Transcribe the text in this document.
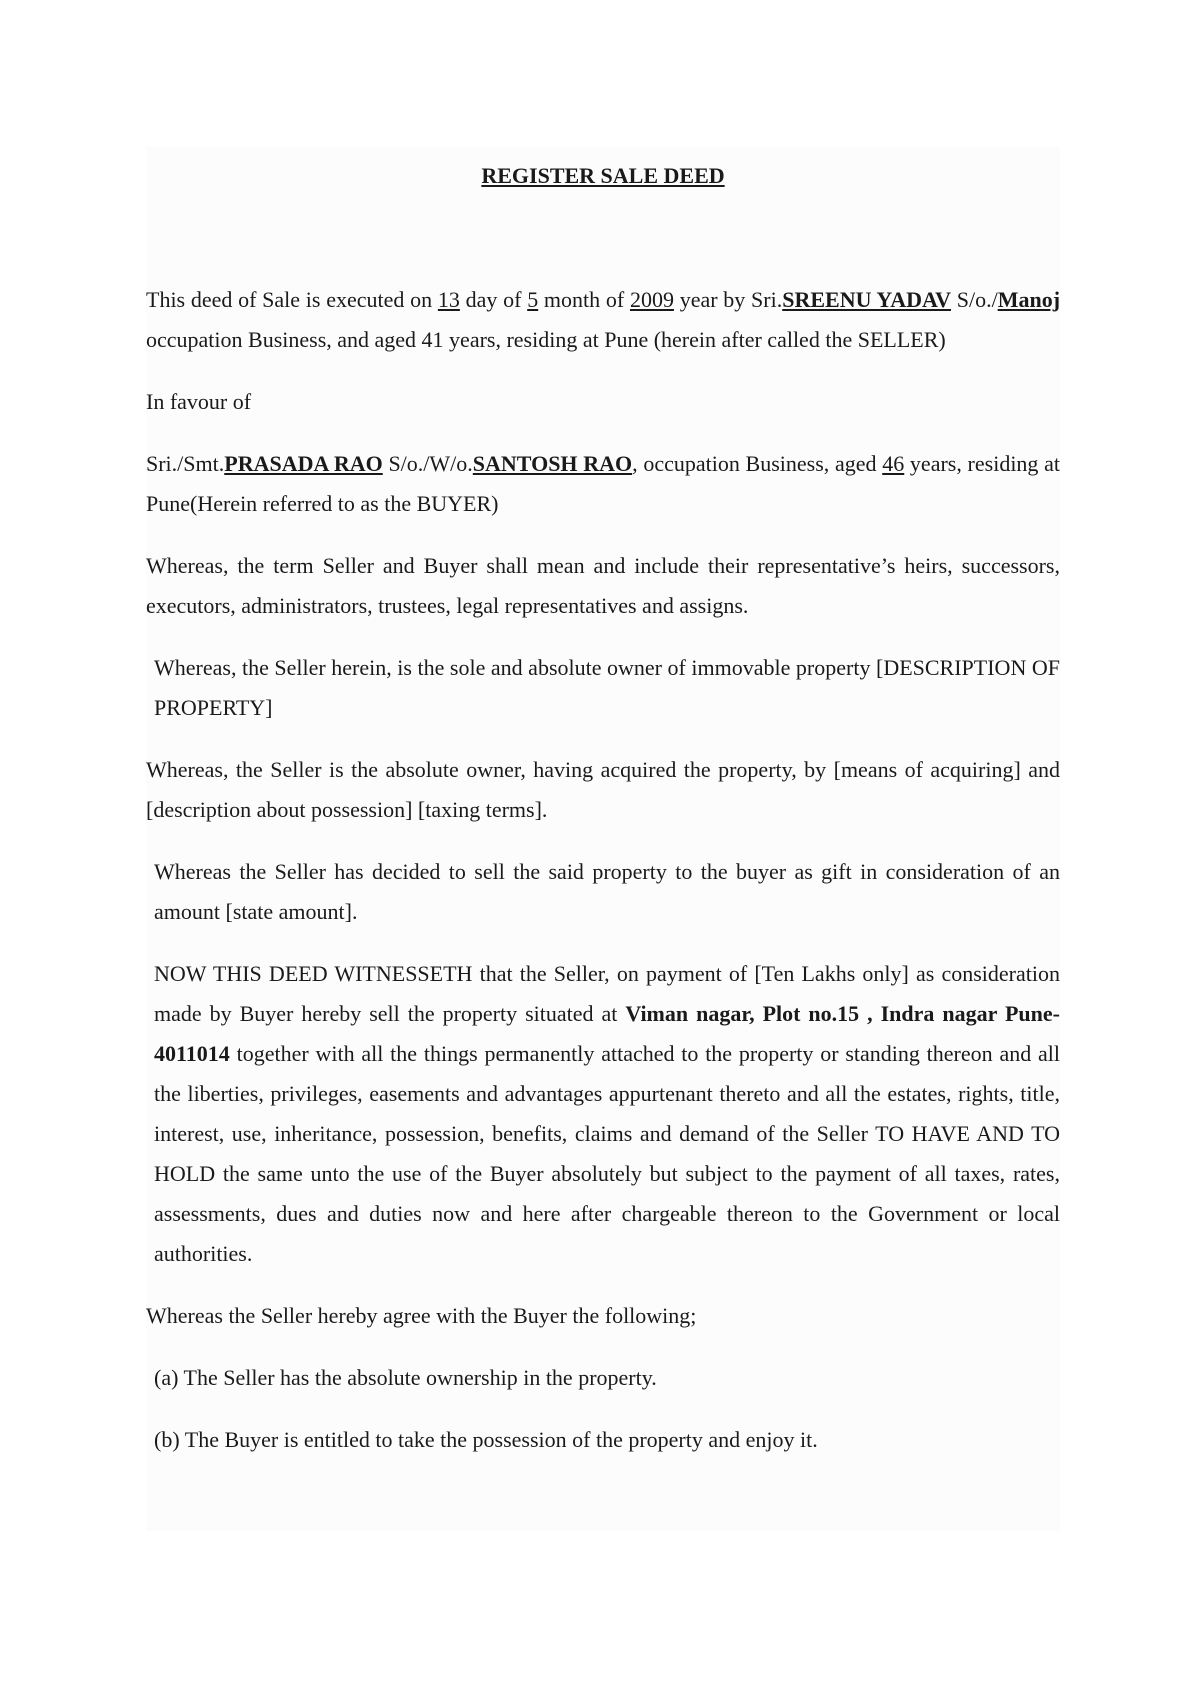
REGISTER SALE DEED

This deed of Sale is executed on 13 day of 5 month of 2009 year by Sri.SREENU YADAV S/o./Manoj occupation Business, and aged 41 years, residing at Pune (herein after called the SELLER)

In favour of

Sri./Smt.PRASADA RAO S/o./W/o.SANTOSH RAO, occupation Business, aged 46 years, residing at Pune(Herein referred to as the BUYER)

Whereas, the term Seller and Buyer shall mean and include their representative’s heirs, successors, executors, administrators, trustees, legal representatives and assigns.

Whereas, the Seller herein, is the sole and absolute owner of immovable property [DESCRIPTION OF PROPERTY]

Whereas, the Seller is the absolute owner, having acquired the property, by [means of acquiring] and [description about possession] [taxing terms].

Whereas the Seller has decided to sell the said property to the buyer as gift in consideration of an amount [state amount].

NOW THIS DEED WITNESSETH that the Seller, on payment of [Ten Lakhs only] as consideration made by Buyer hereby sell the property situated at Viman nagar, Plot no.15 , Indra nagar Pune-4011014 together with all the things permanently attached to the property or standing thereon and all the liberties, privileges, easements and advantages appurtenant thereto and all the estates, rights, title, interest, use, inheritance, possession, benefits, claims and demand of the Seller TO HAVE AND TO HOLD the same unto the use of the Buyer absolutely but subject to the payment of all taxes, rates, assessments, dues and duties now and here after chargeable thereon to the Government or local authorities.

Whereas the Seller hereby agree with the Buyer the following;

(a) The Seller has the absolute ownership in the property.

(b) The Buyer is entitled to take the possession of the property and enjoy it.
